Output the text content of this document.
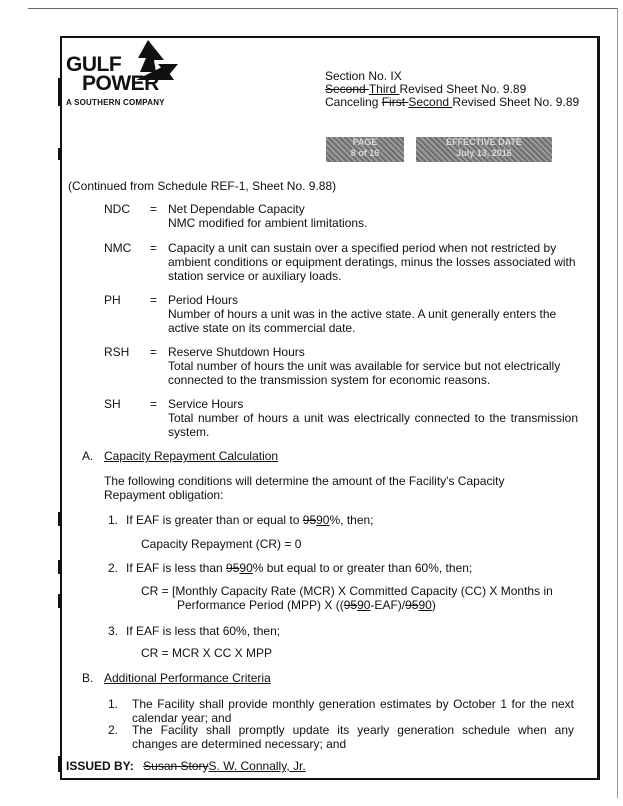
GULF
POWER
A SOUTHERN COMPANY
Section No. IX
Second Third Revised Sheet No. 9.89
Canceling First Second Revised Sheet No. 9.89
PAGE
8 of 16
EFFECTIVE DATE
July 13, 2016
(Continued from Schedule REF-1, Sheet No. 9.88)
NDC = Net Dependable Capacity

NMC modified for ambient limitations.

NMC = Capacity a unit can sustain over a specified period when not restricted by ambient conditions or equipment deratings, minus the losses associated with station service or auxiliary loads.

PH = Period Hours

Number of hours a unit was in the active state. A unit generally enters the active state on its commercial date.

RSH = Reserve Shutdown Hours

Total number of hours the unit was available for service but not electrically connected to the transmission system for economic reasons.

SH = Service Hours

Total number of hours a unit was electrically connected to the transmission system.

A. Capacity Repayment Calculation
The following conditions will determine the amount of the Facility's Capacity Repayment obligation:
1. If EAF is greater than or equal to 9590%, then;
Capacity Repayment (CR) = 0
2. If EAF is less than 9590% but equal to or greater than 60%, then;
CR = [Monthly Capacity Rate (MCR) X Committed Capacity (CC) X Months in
Performance Period (MPP) X ((9590-EAF)/9590)
3. If EAF is less that 60%, then;
CR = MCR X CC X MPP
B. Additional Performance Criteria
1. The Facility shall provide monthly generation estimates by October 1 for the next calendar year; and
2. The Facility shall promptly update its yearly generation schedule when any changes are determined necessary; and
ISSUED BY: Susan StoryS. W. Connally, Jr.
